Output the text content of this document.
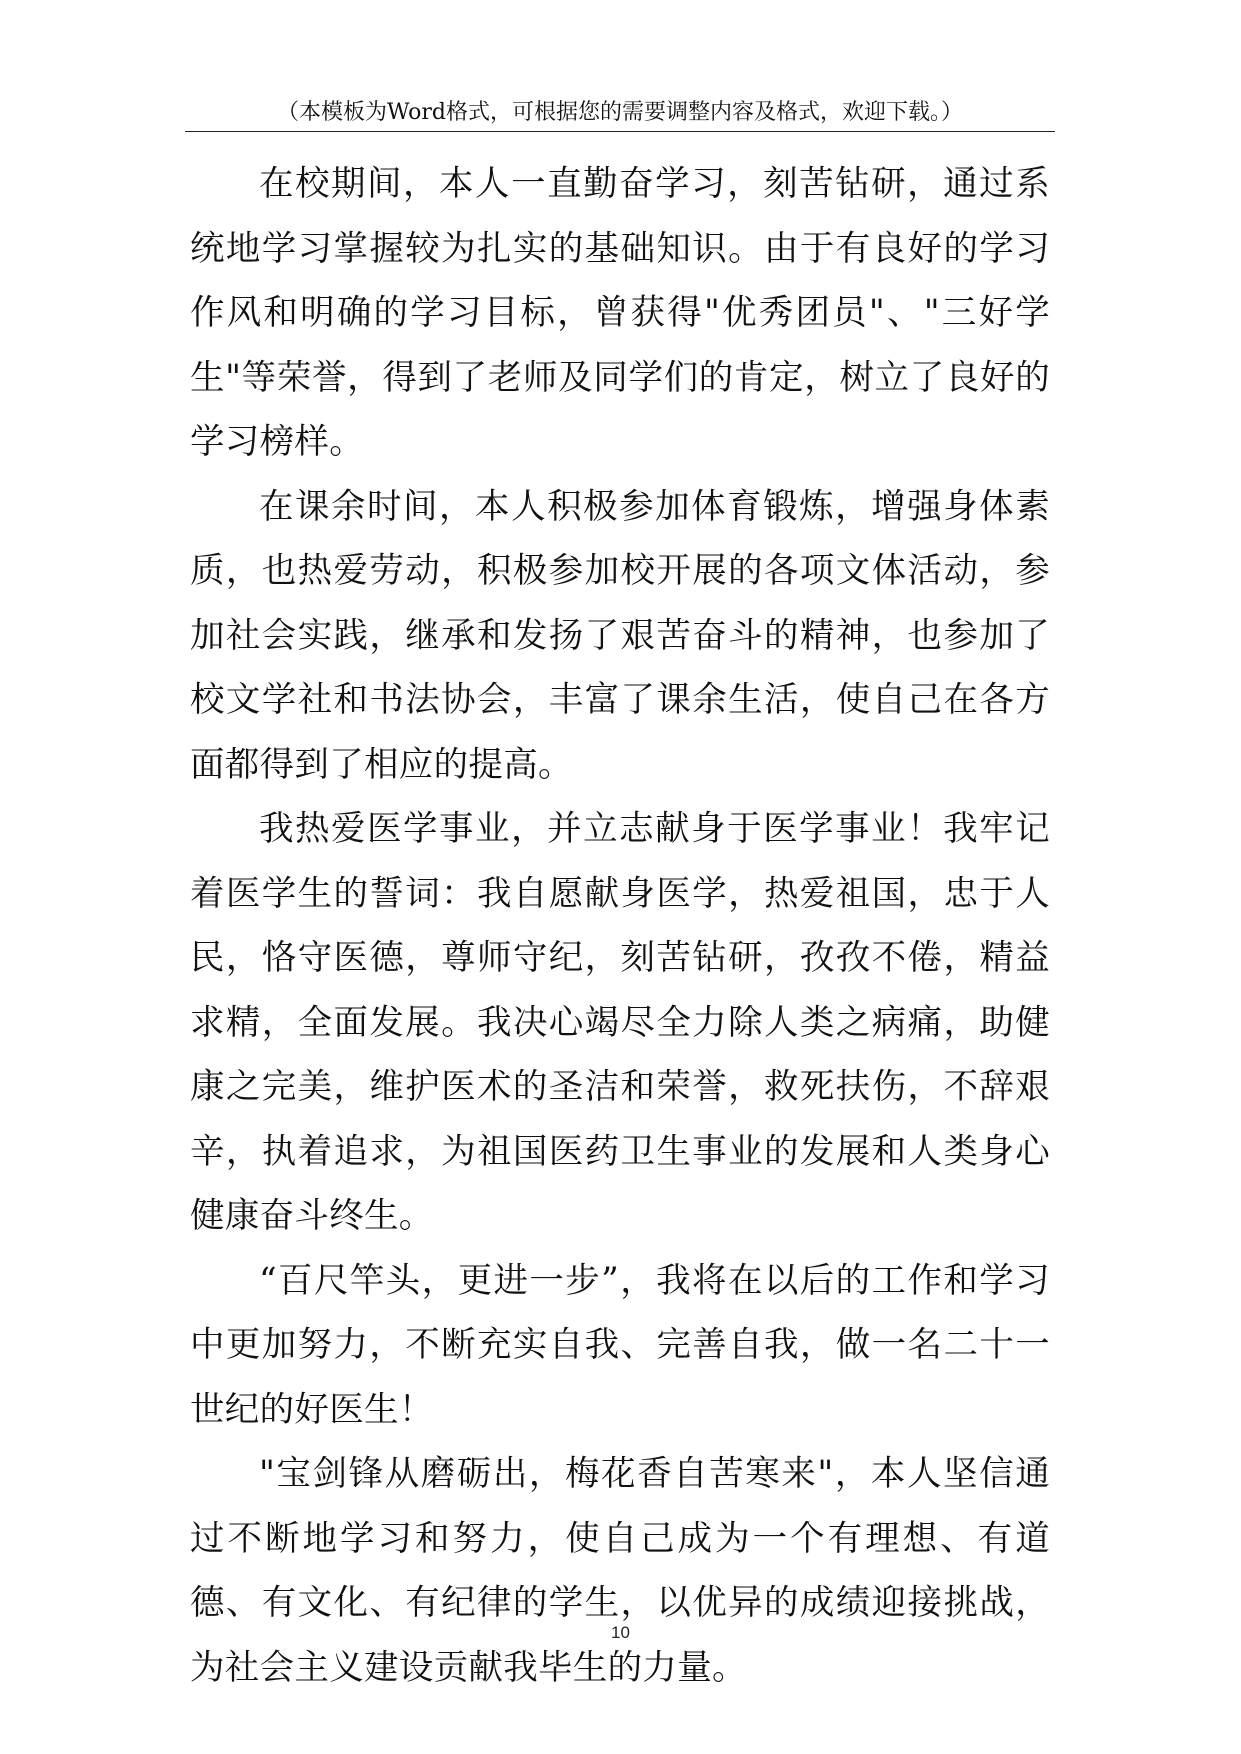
（本模板为Word格式，可根据您的需要调整内容及格式，欢迎下载。）

在校期间，本人一直勤奋学习，刻苦钻研，通过系统地学习掌握较为扎实的基础知识。由于有良好的学习作风和明确的学习目标，曾获得"优秀团员"、"三好学生"等荣誉，得到了老师及同学们的肯定，树立了良好的学习榜样。

在课余时间，本人积极参加体育锻炼，增强身体素质，也热爱劳动，积极参加校开展的各项文体活动，参加社会实践，继承和发扬了艰苦奋斗的精神，也参加了校文学社和书法协会，丰富了课余生活，使自己在各方面都得到了相应的提高。

我热爱医学事业，并立志献身于医学事业！我牢记着医学生的誓词：我自愿献身医学，热爱祖国，忠于人民，恪守医德，尊师守纪，刻苦钻研，孜孜不倦，精益求精，全面发展。我决心竭尽全力除人类之病痛，助健康之完美，维护医术的圣洁和荣誉，救死扶伤，不辞艰辛，执着追求，为祖国医药卫生事业的发展和人类身心健康奋斗终生。

“百尺竿头，更进一步”，我将在以后的工作和学习中更加努力，不断充实自我、完善自我，做一名二十一世纪的好医生！

"宝剑锋从磨砺出，梅花香自苦寒来"，本人坚信通过不断地学习和努力，使自己成为一个有理想、有道德、有文化、有纪律的学生，以优异的成绩迎接挑战，为社会主义建设贡献我毕生的力量。

10
